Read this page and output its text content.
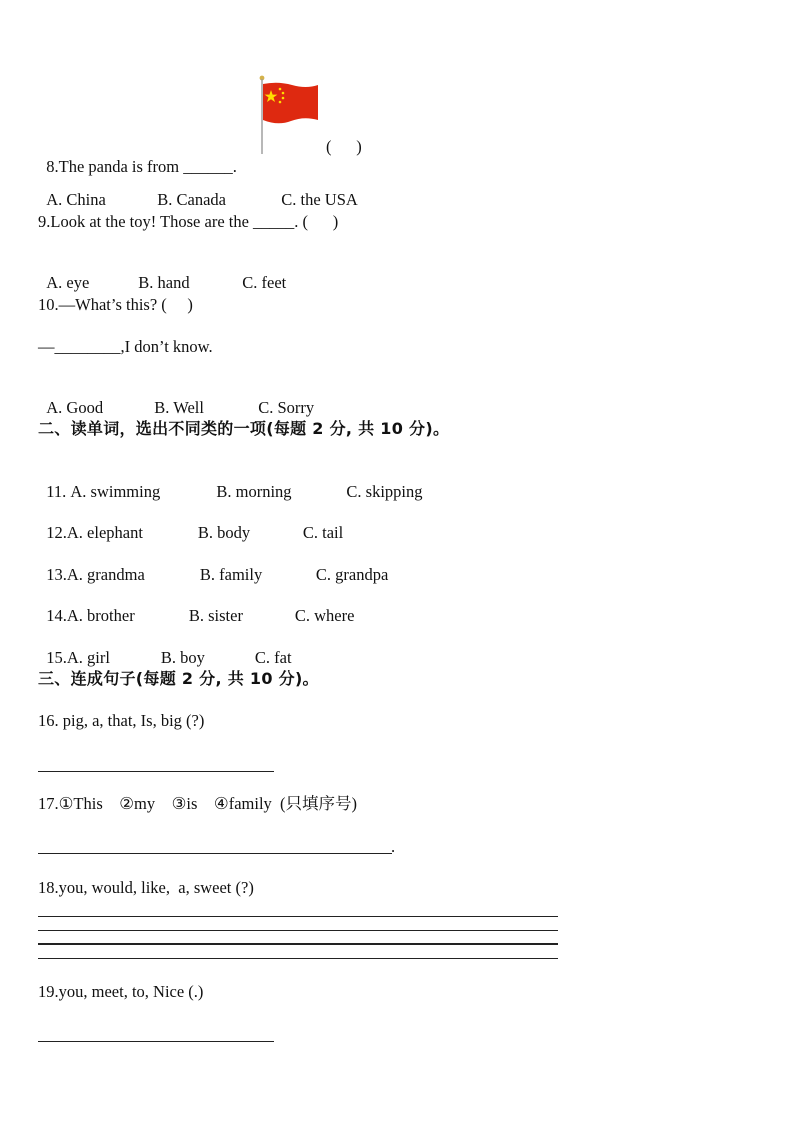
8.The panda is from ______.

(      )

A. China	B. Canada	C. the USA

9.Look at the toy! Those are the _____. (      )

A. eye	B. hand	C. feet

10.—What’s this? (     )
—________,I don’t know.

A. Good	B. Well	C. Sorry

二、读单词，选出不同类的一项(每题 2 分, 共 10 分)。

11. A. swimming	B. morning	C. skipping

12.A. elephant	B. body	C. tail

13.A. grandma	B. family	C. grandpa

14.A. brother	B. sister	C. where

15.A. girl	B. boy	C. fat

三、连成句子(每题 2 分, 共 10 分)。
16. pig, a, that, Is, big (?)
17.①This    ②my    ③is    ④family  (只填序号)
.
18.you, would, like,  a, sweet (?)
19.you, meet, to, Nice (.)
